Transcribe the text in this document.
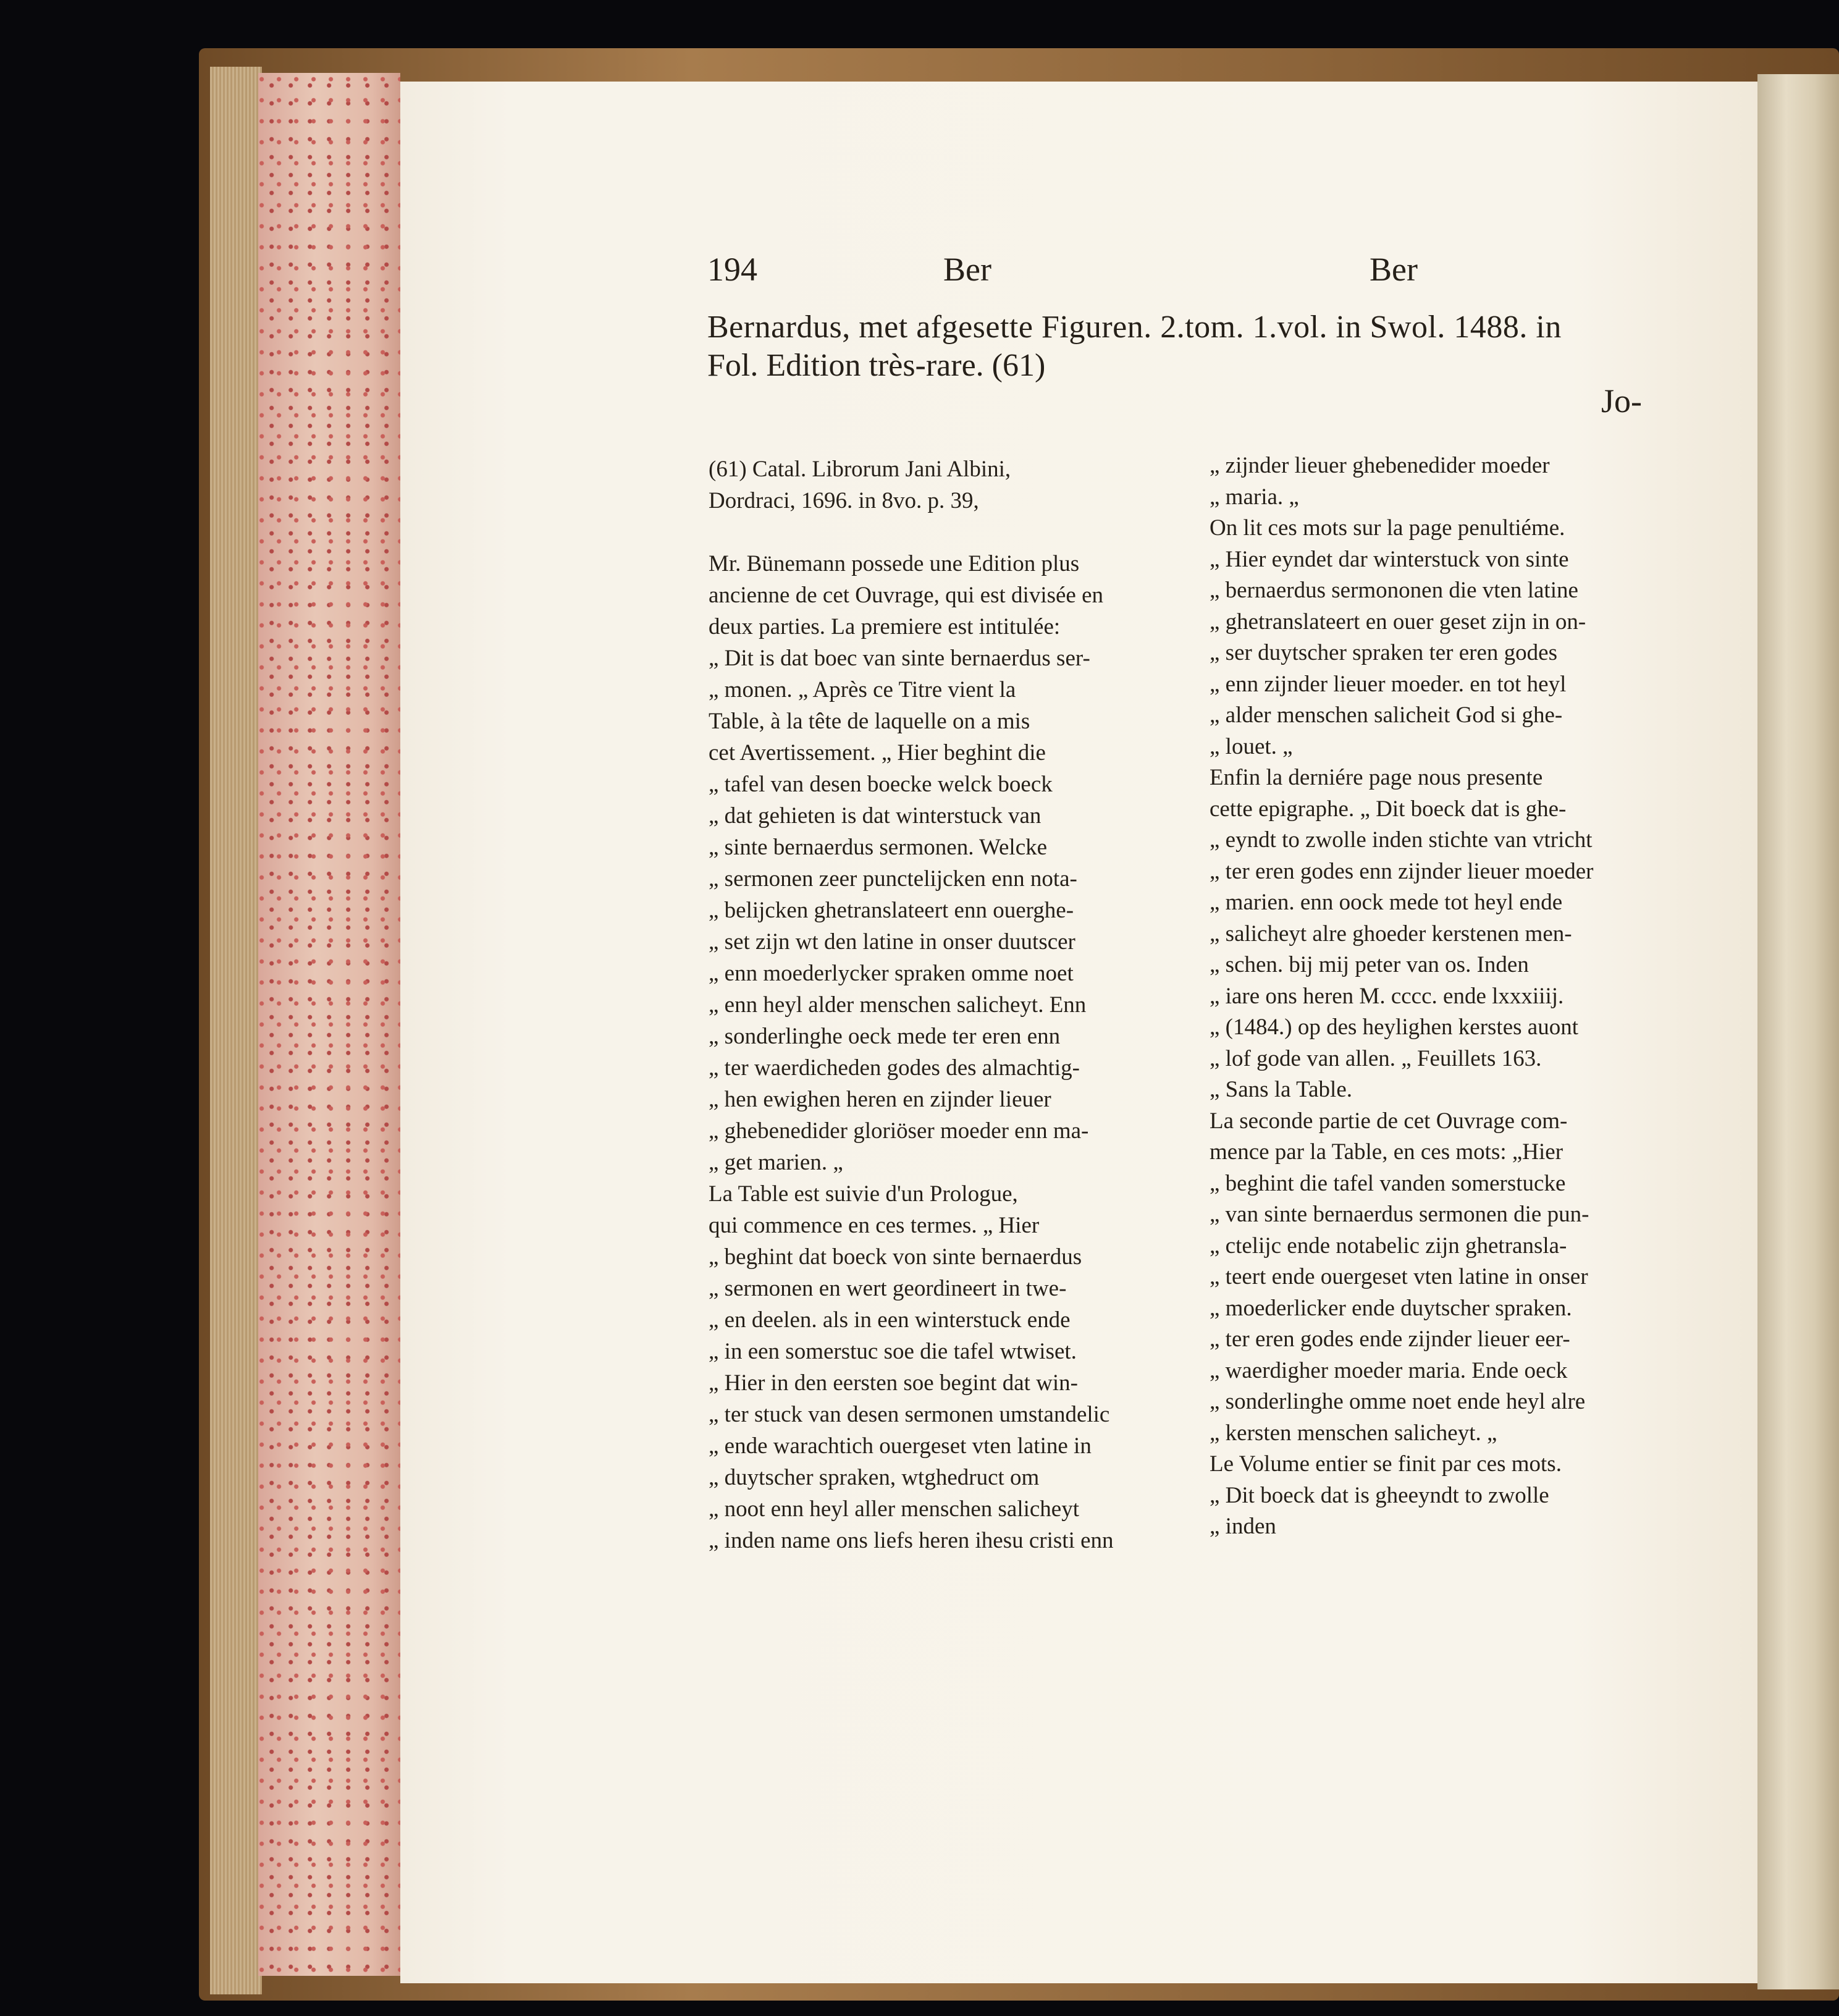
194	Ber	Ber
Bernardus, met afgesette Figuren. 2.tom. 1.vol. in Swol. 1488. in
Fol. Edition très-rare. (61)
Jo-
(61) Catal. Librorum Jani Albini,
Dordraci, 1696. in 8vo. p. 39,
Mr. Bünemann possede une Edition plus
ancienne de cet Ouvrage, qui est divisée en
deux parties. La premiere est intitulée:
„ Dit is dat boec van sinte bernaerdus ser-
„ monen. „ Après ce Titre vient la
Table, à la tête de laquelle on a mis
cet Avertissement. „ Hier beghint die
„ tafel van desen boecke welck boeck
„ dat gehieten is dat winterstuck van
„ sinte bernaerdus sermonen. Welcke
„ sermonen zeer punctelijcken enn nota-
„ belijcken ghetranslateert enn ouerghe-
„ set zijn wt den latine in onser duutscer
„ enn moederlycker spraken omme noet
„ enn heyl alder menschen salicheyt. Enn
„ sonderlinghe oeck mede ter eren enn
„ ter waerdicheden godes des almachtig-
„ hen ewighen heren en zijnder lieuer
„ ghebenedider gloriöser moeder enn ma-
„ get marien. „
La Table est suivie d'un Prologue,
qui commence en ces termes. „ Hier
„ beghint dat boeck von sinte bernaerdus
„ sermonen en wert geordineert in twe-
„ en deelen. als in een winterstuck ende
„ in een somerstuc soe die tafel wtwiset.
„ Hier in den eersten soe begint dat win-
„ ter stuck van desen sermonen umstandelic
„ ende warachtich ouergeset vten latine in
„ duytscher spraken, wtghedruct om
„ noot enn heyl aller menschen salicheyt
„ inden name ons liefs heren ihesu cristi enn
„ zijnder lieuer ghebenedider moeder
„ maria. „
On lit ces mots sur la page penultiéme.
„ Hier eyndet dar winterstuck von sinte
„ bernaerdus sermononen die vten latine
„ ghetranslateert en ouer geset zijn in on-
„ ser duytscher spraken ter eren godes
„ enn zijnder lieuer moeder. en tot heyl
„ alder menschen salicheit God si ghe-
„ louet. „
Enfin la derniére page nous presente
cette epigraphe. „ Dit boeck dat is ghe-
„ eyndt to zwolle inden stichte van vtricht
„ ter eren godes enn zijnder lieuer moeder
„ marien. enn oock mede tot heyl ende
„ salicheyt alre ghoeder kerstenen men-
„ schen. bij mij peter van os. Inden
„ iare ons heren M. cccc. ende lxxxiiij.
„ (1484.) op des heylighen kerstes auont
„ lof gode van allen. „ Feuillets 163.
„ Sans la Table.
La seconde partie de cet Ouvrage com-
mence par la Table, en ces mots: „Hier
„ beghint die tafel vanden somerstucke
„ van sinte bernaerdus sermonen die pun-
„ ctelijc ende notabelic zijn ghetransla-
„ teert ende ouergeset vten latine in onser
„ moederlicker ende duytscher spraken.
„ ter eren godes ende zijnder lieuer eer-
„ waerdigher moeder maria. Ende oeck
„ sonderlinghe omme noet ende heyl alre
„ kersten menschen salicheyt. „
Le Volume entier se finit par ces mots.
„ Dit boeck dat is gheeyndt to zwolle
„ inden
